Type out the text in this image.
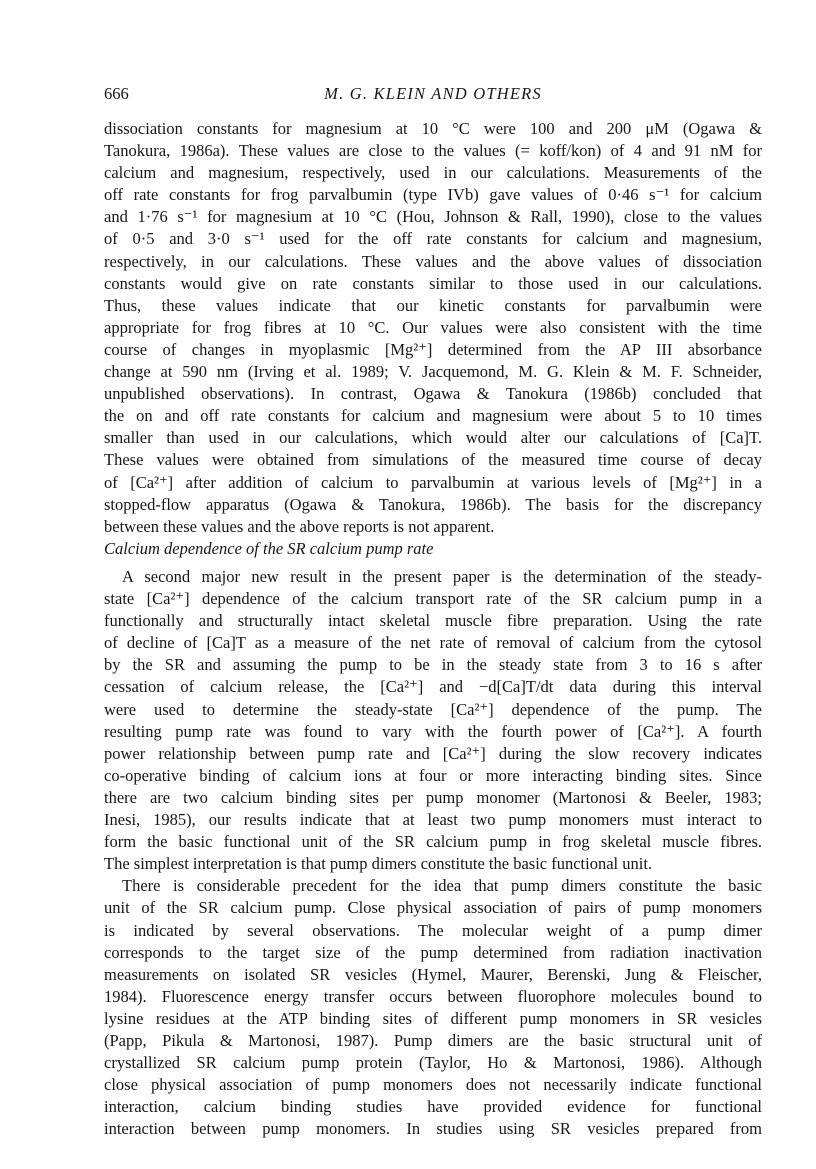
666	M. G. KLEIN AND OTHERS

dissociation constants for magnesium at 10 °C were 100 and 200 μM (Ogawa &

Tanokura, 1986a). These values are close to the values (= koff/kon) of 4 and 91 nM for

calcium and magnesium, respectively, used in our calculations. Measurements of the

off rate constants for frog parvalbumin (type IVb) gave values of 0·46 s⁻¹ for calcium

and 1·76 s⁻¹ for magnesium at 10 °C (Hou, Johnson & Rall, 1990), close to the values

of 0·5 and 3·0 s⁻¹ used for the off rate constants for calcium and magnesium,

respectively, in our calculations. These values and the above values of dissociation

constants would give on rate constants similar to those used in our calculations.

Thus, these values indicate that our kinetic constants for parvalbumin were

appropriate for frog fibres at 10 °C. Our values were also consistent with the time

course of changes in myoplasmic [Mg²⁺] determined from the AP III absorbance

change at 590 nm (Irving et al. 1989; V. Jacquemond, M. G. Klein & M. F. Schneider,

unpublished observations). In contrast, Ogawa & Tanokura (1986b) concluded that

the on and off rate constants for calcium and magnesium were about 5 to 10 times

smaller than used in our calculations, which would alter our calculations of [Ca]T.

These values were obtained from simulations of the measured time course of decay

of [Ca²⁺] after addition of calcium to parvalbumin at various levels of [Mg²⁺] in a

stopped-flow apparatus (Ogawa & Tanokura, 1986b). The basis for the discrepancy

between these values and the above reports is not apparent.

Calcium dependence of the SR calcium pump rate

A second major new result in the present paper is the determination of the steady-

state [Ca²⁺] dependence of the calcium transport rate of the SR calcium pump in a

functionally and structurally intact skeletal muscle fibre preparation. Using the rate

of decline of [Ca]T as a measure of the net rate of removal of calcium from the cytosol

by the SR and assuming the pump to be in the steady state from 3 to 16 s after

cessation of calcium release, the [Ca²⁺] and −d[Ca]T/dt data during this interval

were used to determine the steady-state [Ca²⁺] dependence of the pump. The

resulting pump rate was found to vary with the fourth power of [Ca²⁺]. A fourth

power relationship between pump rate and [Ca²⁺] during the slow recovery indicates

co-operative binding of calcium ions at four or more interacting binding sites. Since

there are two calcium binding sites per pump monomer (Martonosi & Beeler, 1983;

Inesi, 1985), our results indicate that at least two pump monomers must interact to

form the basic functional unit of the SR calcium pump in frog skeletal muscle fibres.

The simplest interpretation is that pump dimers constitute the basic functional unit.

There is considerable precedent for the idea that pump dimers constitute the basic

unit of the SR calcium pump. Close physical association of pairs of pump monomers

is indicated by several observations. The molecular weight of a pump dimer

corresponds to the target size of the pump determined from radiation inactivation

measurements on isolated SR vesicles (Hymel, Maurer, Berenski, Jung & Fleischer,

1984). Fluorescence energy transfer occurs between fluorophore molecules bound to

lysine residues at the ATP binding sites of different pump monomers in SR vesicles

(Papp, Pikula & Martonosi, 1987). Pump dimers are the basic structural unit of

crystallized SR calcium pump protein (Taylor, Ho & Martonosi, 1986). Although

close physical association of pump monomers does not necessarily indicate functional

interaction, calcium binding studies have provided evidence for functional

interaction between pump monomers. In studies using SR vesicles prepared from
